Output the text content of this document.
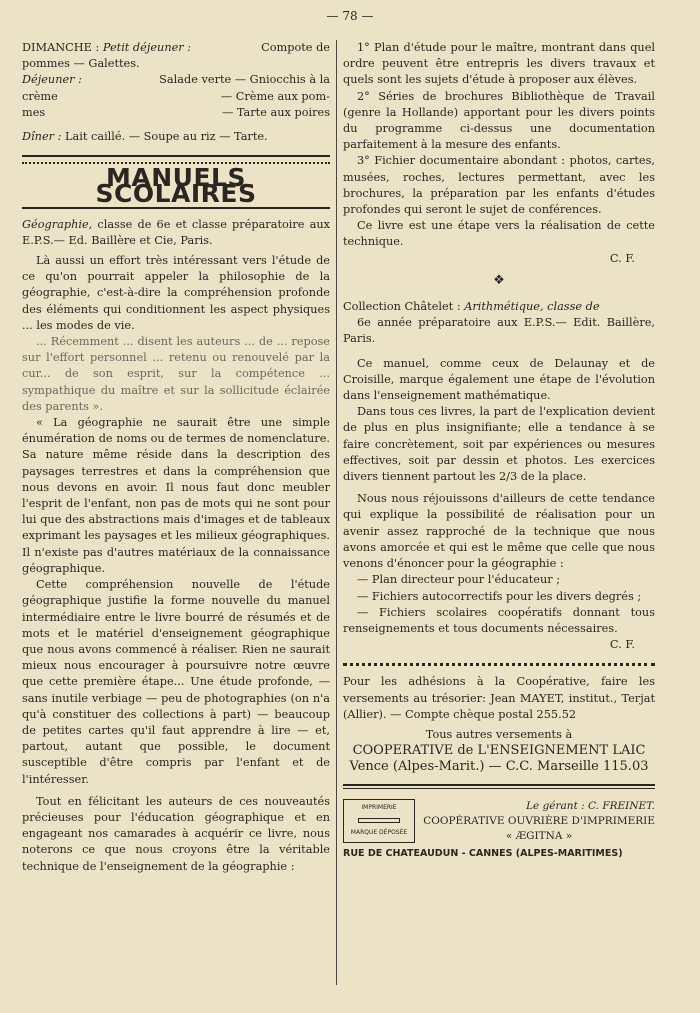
— 78 —
DIMANCHE : Petit déjeuner :	Compote de
pommes — Galettes.
Déjeuner :	Salade verte — Gniocchis à la
crème	— Crème aux pom-
mes	— Tarte aux poires
Dîner : Lait caillé. — Soupe au riz — Tarte.
MANUELS SCOLAIRES

Géographie, classe de 6e et classe préparatoire aux E.P.S.— Ed. Baillère et Cie, Paris.

Là aussi un effort très intéressant vers l'étude de ce qu'on pourrait appeler la philosophie de la géographie, c'est-à-dire la compréhension profonde des éléments qui conditionnent les aspect physiques ... les modes de vie.

... Récemment ... disent les auteurs ... de ... repose sur l'effort personnel ... retenu ou renouvelé par la cur... de son esprit, sur la compétence ... sympathique du maître et sur la sollicitude éclairée des parents ».

« La géographie ne saurait être une simple énumération de noms ou de termes de nomenclature. Sa nature même réside dans la description des paysages terrestres et dans la compréhension que nous devons en avoir. Il nous faut donc meubler l'esprit de l'enfant, non pas de mots qui ne sont pour lui que des abstractions mais d'images et de tableaux exprimant les paysages et les milieux géographiques. Il n'existe pas d'autres matériaux de la connaissance géographique.

Cette compréhension nouvelle de l'étude géographique justifie la forme nouvelle du manuel intermédiaire entre le livre bourré de résumés et de mots et le matériel d'enseignement géographique que nous avons commencé à réaliser. Rien ne saurait mieux nous encourager à poursuivre notre œuvre que cette première étape... Une étude profonde, — sans inutile verbiage — peu de photographies (on n'a qu'à constituer des collections à part) — beaucoup de petites cartes qu'il faut apprendre à lire — et, partout, autant que possible, le document susceptible d'être compris par l'enfant et de l'intéresser.

Tout en félicitant les auteurs de ces nouveautés précieuses pour l'éducation géographique et en engageant nos camarades à acquérir ce livre, nous noterons ce que nous croyons être la véritable technique de l'enseignement de la géographie :

1° Plan d'étude pour le maître, montrant dans quel ordre peuvent être entrepris les divers travaux et quels sont les sujets d'étude à proposer aux élèves.

2° Séries de brochures Bibliothèque de Travail (genre la Hollande) apportant pour les divers points du programme ci-dessus une documentation parfaitement à la mesure des enfants.

3° Fichier documentaire abondant : photos, cartes, musées, roches, lectures permettant, avec les brochures, la préparation par les enfants d'études profondes qui seront le sujet de conférences.

Ce livre est une étape vers la réalisation de cette technique.

C. F.
❖

Collection Châtelet : Arithmétique, classe de

6e année préparatoire aux E.P.S.— Edit. Baillère, Paris.

Ce manuel, comme ceux de Delaunay et de Croisille, marque également une étape de l'évolution dans l'enseignement mathématique.

Dans tous ces livres, la part de l'explication devient de plus en plus insignifiante; elle a tendance à se faire concrètement, soit par expériences ou mesures effectives, soit par dessin et photos. Les exercices divers tiennent partout les 2/3 de la place.

Nous nous réjouissons d'ailleurs de cette tendance qui explique la possibilité de réalisation pour un avenir assez rapproché de la technique que nous avons amorcée et qui est le même que celle que nous venons d'énoncer pour la géographie :

— Plan directeur pour l'éducateur ;

— Fichiers autocorrectifs pour les divers degrés ;

— Fichiers scolaires coopératifs donnant tous renseignements et tous documents nécessaires.

C. F.

Pour les adhésions à la Coopérative, faire les versements au trésorier: Jean MAYET, institut., Terjat (Allier). — Compte chèque postal 255.52

Tous autres versements à
COOPERATIVE de L'ENSEIGNEMENT LAIC
Vence (Alpes-Marit.) — C.C. Marseille 115.03
IMPRIMERIE
MARQUE DÉPOSÉE
Le gérant : C. FREINET.
COOPÉRATIVE OUVRIÈRE D'IMPRIMERIE
« ÆGITNA »
RUE DE CHATEAUDUN - CANNES (ALPES-MARITIMES)
